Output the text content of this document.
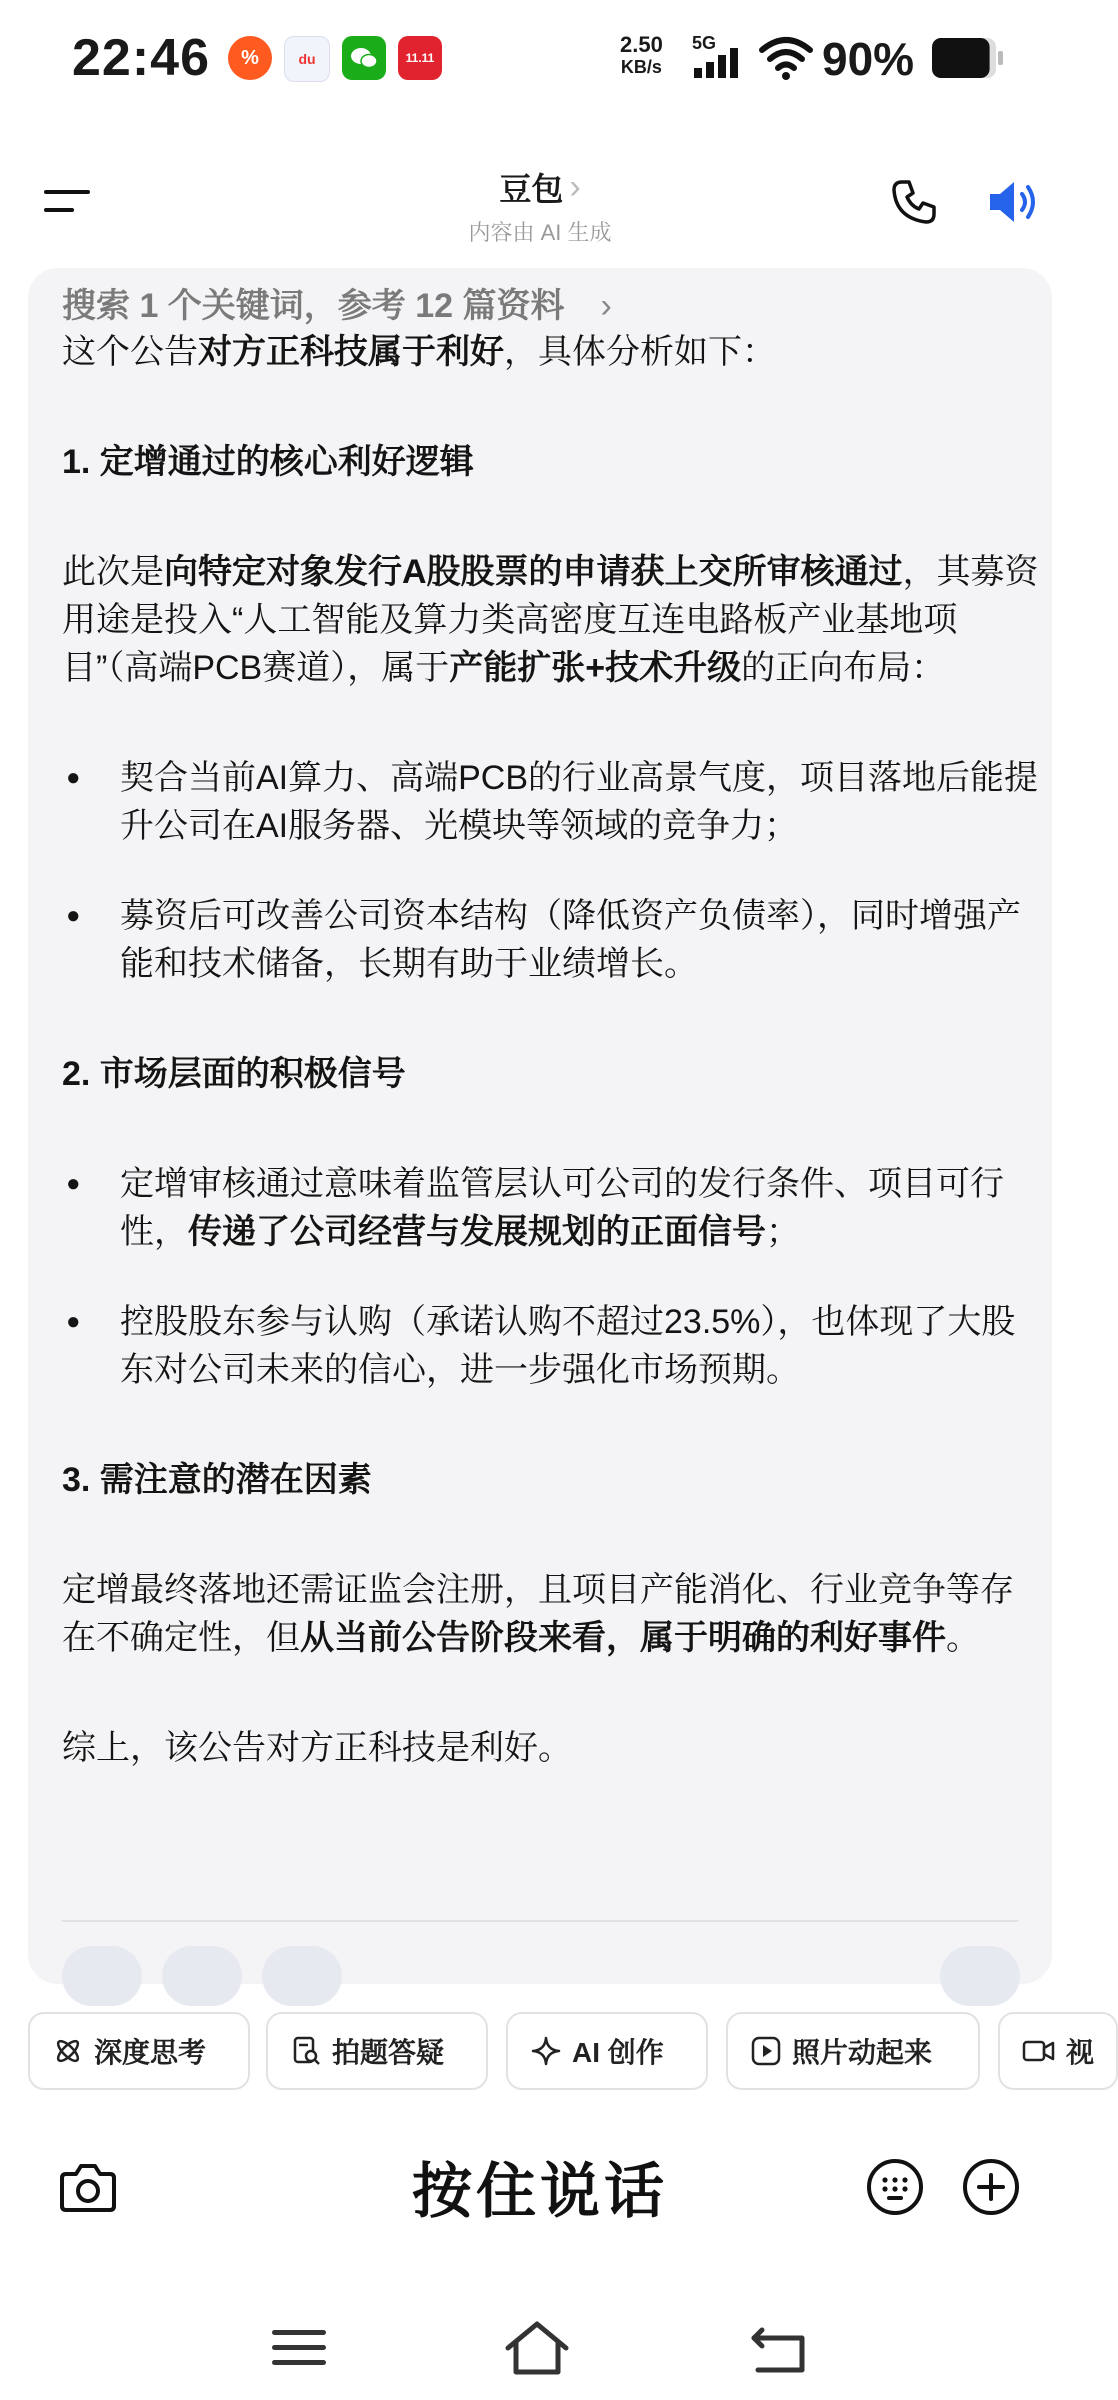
22:46	%	du	11.11
2.50
KB/s
5G 90%
豆包 ›
内容由 AI 生成
搜索 1 个关键词，参考 12 篇资料 ›

这个公告对方正科技属于利好，具体分析如下：

1. 定增通过的核心利好逻辑

此次是向特定对象发行A股股票的申请获上交所审核通过，其募资用途是投入“人工智能及算力类高密度互连电路板产业基地项目”（高端PCB赛道），属于产能扩张+技术升级的正向布局：

● 契合当前AI算力、高端PCB的行业高景气度，项目落地后能提升公司在AI服务器、光模块等领域的竞争力；

● 募资后可改善公司资本结构（降低资产负债率），同时增强产能和技术储备，长期有助于业绩增长。

2. 市场层面的积极信号

● 定增审核通过意味着监管层认可公司的发行条件、项目可行性，传递了公司经营与发展规划的正面信号；

● 控股股东参与认购（承诺认购不超过23.5%），也体现了大股东对公司未来的信心，进一步强化市场预期。

3. 需注意的潜在因素

定增最终落地还需证监会注册，且项目产能消化、行业竞争等存在不确定性，但从当前公告阶段来看，属于明确的利好事件。

综上，该公告对方正科技是利好。

深度思考	拍题答疑	AI 创作	照片动起来	视
按住说话
